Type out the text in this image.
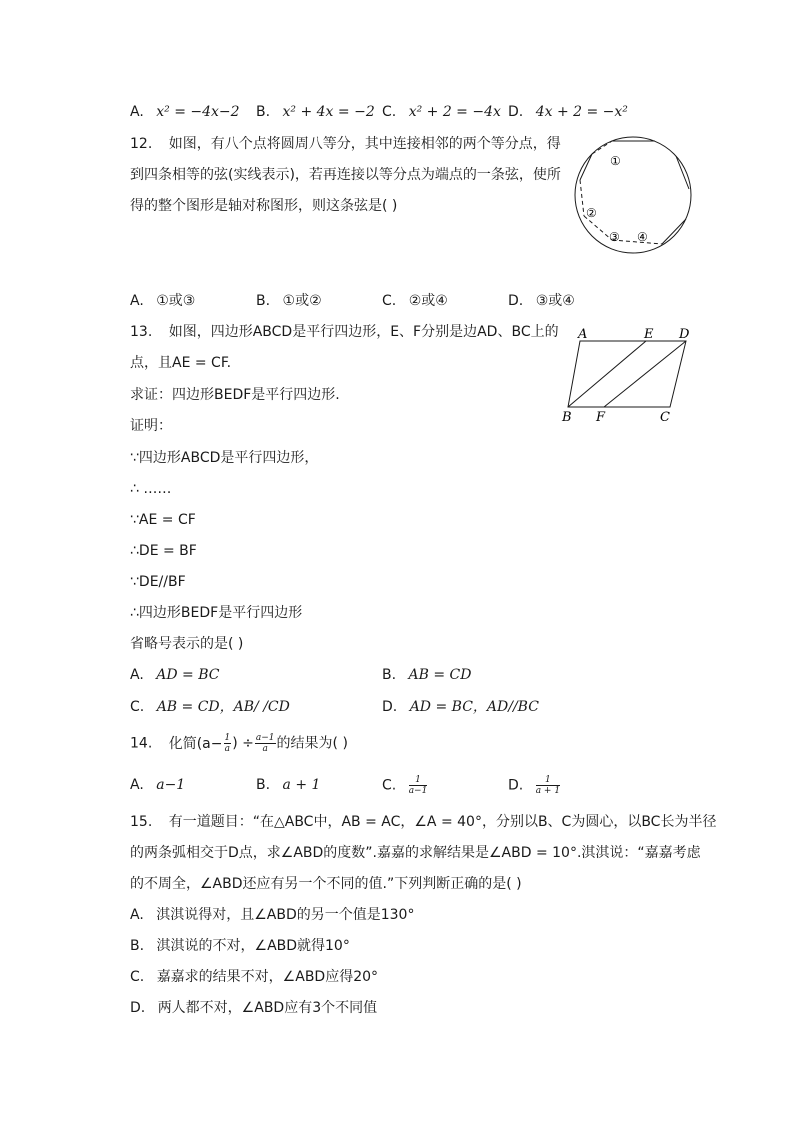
A. x² = −4x−2 B. x² + 4x = −2 C. x² + 2 = −4x D. 4x + 2 = −x²
12. 如图，有八个点将圆周八等分，其中连接相邻的两个等分点，得
到四条相等的弦(实线表示)，若再连接以等分点为端点的一条弦，使所
得的整个图形是轴对称图形，则这条弦是( )
①
②
③ ④
A. ①或③	B. ①或②	C. ②或④	D. ③或④
13. 如图，四边形ABCD是平行四边形，E、F分别是边AD、BC上的
点，且AE = CF.
求证：四边形BEDF是平行四边形.
证明：
∵四边形ABCD是平行四边形，
∴ ……
∵AE = CF
∴DE = BF
∵DE//BF
∴四边形BEDF是平行四边形
省略号表示的是( )
A	E D
B F	C
A. AD = BC	B. AB = CD
C. AB = CD，AB/ /CD	D. AD = BC，AD//BC
14. 化简($a- \frac{1}{a}$ ) ÷ $\frac{a-1}{a}$ 的结果为( )
A. a−1	B. a + 1	C. $\frac{1}{a-1}$	D. $\frac{1}{a + 1}$
15. 有一道题目：“在△ABC中，AB = AC，∠A = 40°，分别以B、C为圆心，以BC长为半径
的两条弧相交于D点，求∠ABD的度数”.嘉嘉的求解结果是∠ABD = 10°.淇淇说：“嘉嘉考虑
的不周全，∠ABD还应有另一个不同的值.”下列判断正确的是( )
A. 淇淇说得对，且∠ABD的另一个值是130°
B. 淇淇说的不对，∠ABD就得10°
C. 嘉嘉求的结果不对，∠ABD应得20°
D. 两人都不对，∠ABD应有3个不同值
